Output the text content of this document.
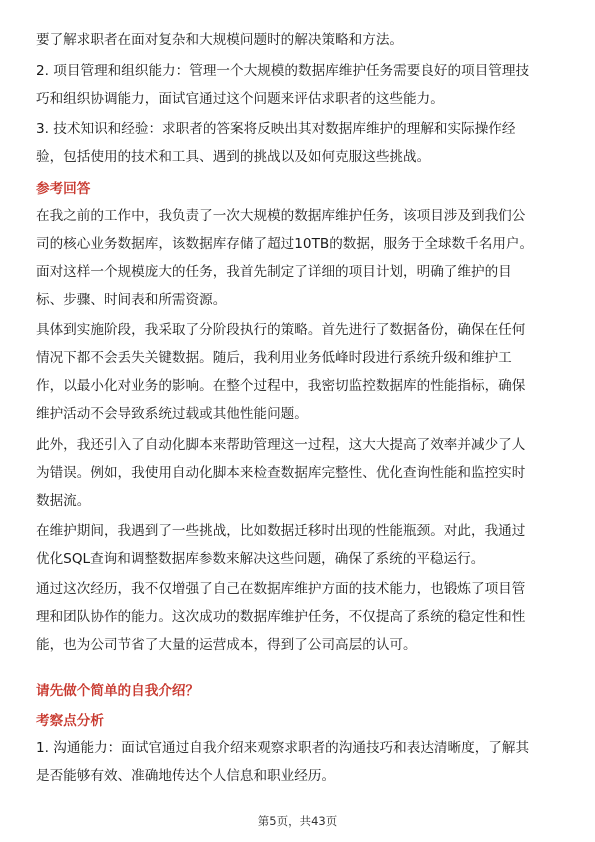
要了解求职者在面对复杂和大规模问题时的解决策略和方法。
2. 项目管理和组织能力：管理一个大规模的数据库维护任务需要良好的项目管理技
巧和组织协调能力，面试官通过这个问题来评估求职者的这些能力。
3. 技术知识和经验：求职者的答案将反映出其对数据库维护的理解和实际操作经
验，包括使用的技术和工具、遇到的挑战以及如何克服这些挑战。
参考回答
在我之前的工作中，我负责了一次大规模的数据库维护任务，该项目涉及到我们公
司的核心业务数据库，该数据库存储了超过10TB的数据，服务于全球数千名用户。
面对这样一个规模庞大的任务，我首先制定了详细的项目计划，明确了维护的目
标、步骤、时间表和所需资源。
具体到实施阶段，我采取了分阶段执行的策略。首先进行了数据备份，确保在任何
情况下都不会丢失关键数据。随后，我利用业务低峰时段进行系统升级和维护工
作，以最小化对业务的影响。在整个过程中，我密切监控数据库的性能指标，确保
维护活动不会导致系统过载或其他性能问题。
此外，我还引入了自动化脚本来帮助管理这一过程，这大大提高了效率并减少了人
为错误。例如，我使用自动化脚本来检查数据库完整性、优化查询性能和监控实时
数据流。
在维护期间，我遇到了一些挑战，比如数据迁移时出现的性能瓶颈。对此，我通过
优化SQL查询和调整数据库参数来解决这些问题，确保了系统的平稳运行。
通过这次经历，我不仅增强了自己在数据库维护方面的技术能力，也锻炼了项目管
理和团队协作的能力。这次成功的数据库维护任务，不仅提高了系统的稳定性和性
能，也为公司节省了大量的运营成本，得到了公司高层的认可。
请先做个简单的自我介绍？
考察点分析
1. 沟通能力：面试官通过自我介绍来观察求职者的沟通技巧和表达清晰度，了解其
是否能够有效、准确地传达个人信息和职业经历。
第5页，共43页
